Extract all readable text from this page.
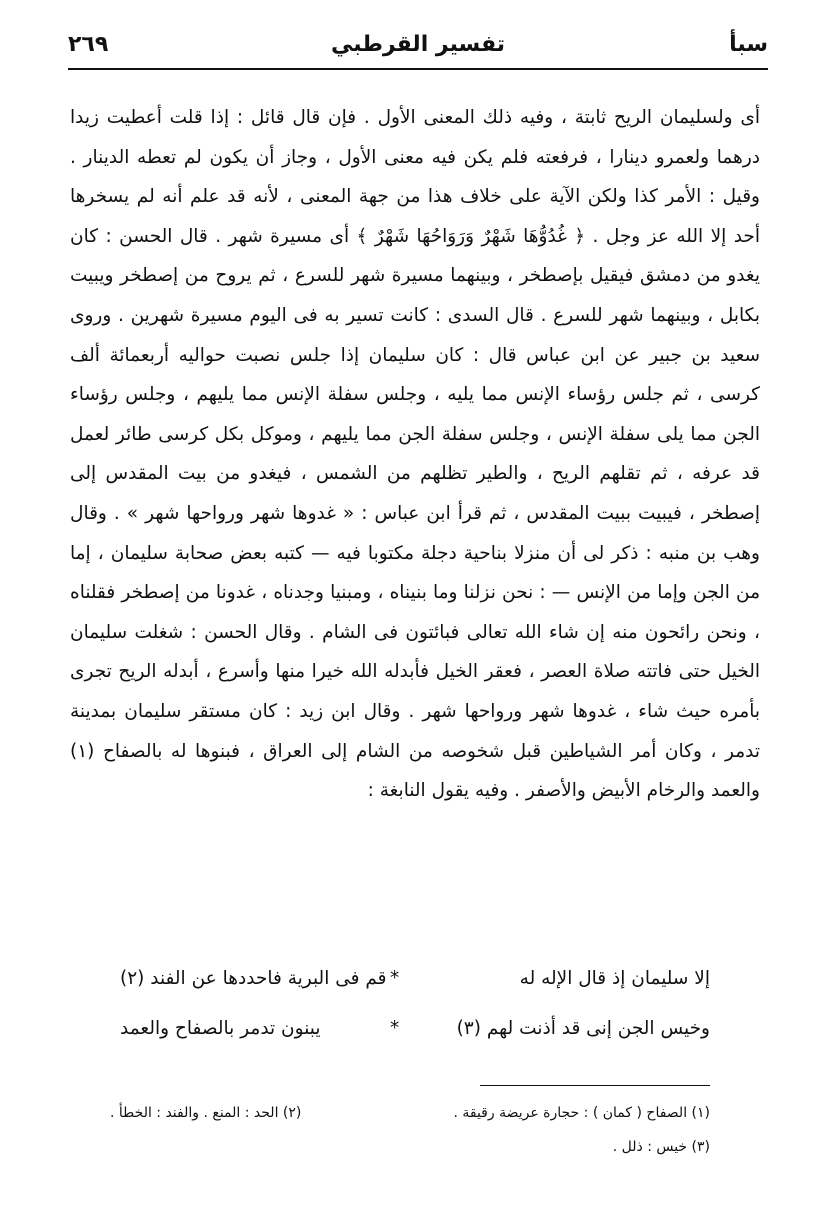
سبأ
تفسير القرطبي
٢٦٩

أى ولسليمان الريح ثابتة ، وفيه ذلك المعنى الأول . فإن قال قائل : إذا قلت أعطيت زيدا درهما ولعمرو دينارا ، فرفعته فلم يكن فيه معنى الأول ، وجاز أن يكون لم تعطه الدينار . وقيل : الأمر كذا ولكن الآية على خلاف هذا من جهة المعنى ، لأنه قد علم أنه لم يسخرها أحد إلا الله عز وجل . ﴿ غُدُوُّهَا شَهْرٌ وَرَوَاحُهَا شَهْرٌ ﴾ أى مسيرة شهر . قال الحسن : كان يغدو من دمشق فيقيل بإصطخر ، وبينهما مسيرة شهر للسرع ، ثم يروح من إصطخر ويبيت بكابل ، وبينهما شهر للسرع . قال السدى : كانت تسير به فى اليوم مسيرة شهرين . وروى سعيد بن جبير عن ابن عباس قال : كان سليمان إذا جلس نصبت حواليه أربعمائة ألف كرسى ، ثم جلس رؤساء الإنس مما يليه ، وجلس سفلة الإنس مما يليهم ، وجلس رؤساء الجن مما يلى سفلة الإنس ، وجلس سفلة الجن مما يليهم ، وموكل بكل كرسى طائر لعمل قد عرفه ، ثم تقلهم الريح ، والطير تظلهم من الشمس ، فيغدو من بيت المقدس إلى إصطخر ، فيبيت ببيت المقدس ، ثم قرأ ابن عباس : « غدوها شهر ورواحها شهر » . وقال وهب بن منبه : ذكر لى أن منزلا بناحية دجلة مكتوبا فيه — كتبه بعض صحابة سليمان ، إما من الجن وإما من الإنس — : نحن نزلنا وما بنيناه ، ومبنيا وجدناه ، غدونا من إصطخر فقلناه ، ونحن رائحون منه إن شاء الله تعالى فبائتون فى الشام . وقال الحسن : شغلت سليمان الخيل حتى فاتته صلاة العصر ، فعقر الخيل فأبدله الله خيرا منها وأسرع ، أبدله الريح تجرى بأمره حيث شاء ، غدوها شهر ورواحها شهر . وقال ابن زيد : كان مستقر سليمان بمدينة تدمر ، وكان أمر الشياطين قبل شخوصه من الشام إلى العراق ، فبنوها له بالصفاح (١) والعمد والرخام الأبيض والأصفر . وفيه يقول النابغة :

إلا سليمان إذ قال الإله له
*
قم فى البرية فاحددها عن الفند (٢)
وخيس الجن إنى قد أذنت لهم (٣)
*
يبنون تدمر بالصفاح والعمد
(١) الصفاح ( كمان ) : حجارة عريضة رقيقة .
(٢) الحد : المنع . والفند : الخطأ .
(٣) خيس : ذلل .
